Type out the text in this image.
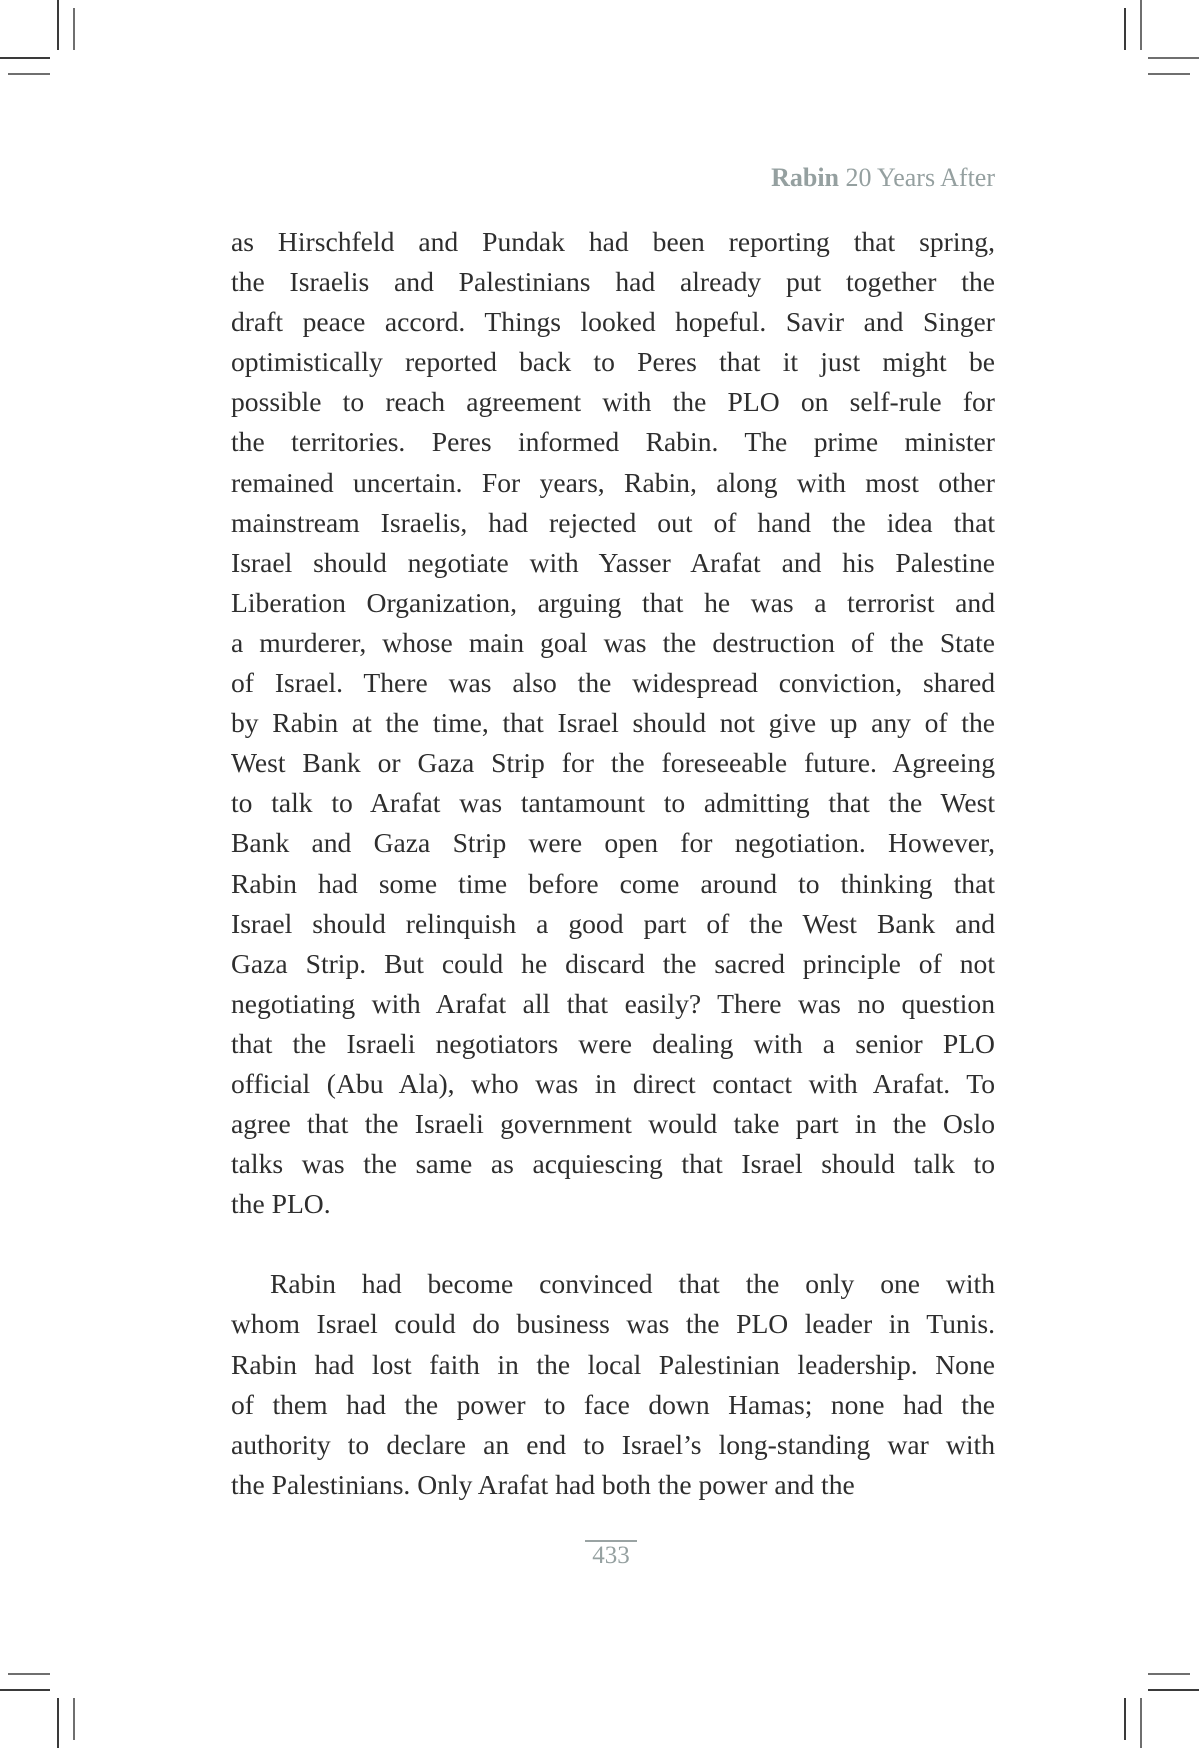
Rabin 20 Years After
as Hirschfeld and Pundak had been reporting that spring,
the Israelis and Palestinians had already put together the
draft peace accord. Things looked hopeful. Savir and Singer
optimistically reported back to Peres that it just might be
possible to reach agreement with the PLO on self-rule for
the territories. Peres informed Rabin. The prime minister
remained uncertain. For years, Rabin, along with most other
mainstream Israelis, had rejected out of hand the idea that
Israel should negotiate with Yasser Arafat and his Palestine
Liberation Organization, arguing that he was a terrorist and
a murderer, whose main goal was the destruction of the State
of Israel. There was also the widespread conviction, shared
by Rabin at the time, that Israel should not give up any of the
West Bank or Gaza Strip for the foreseeable future. Agreeing
to talk to Arafat was tantamount to admitting that the West
Bank and Gaza Strip were open for negotiation. However,
Rabin had some time before come around to thinking that
Israel should relinquish a good part of the West Bank and
Gaza Strip. But could he discard the sacred principle of not
negotiating with Arafat all that easily? There was no question
that the Israeli negotiators were dealing with a senior PLO
official (Abu Ala), who was in direct contact with Arafat. To
agree that the Israeli government would take part in the Oslo
talks was the same as acquiescing that Israel should talk to
the PLO.
Rabin had become convinced that the only one with
whom Israel could do business was the PLO leader in Tunis.
Rabin had lost faith in the local Palestinian leadership. None
of them had the power to face down Hamas; none had the
authority to declare an end to Israel’s long-standing war with
the Palestinians. Only Arafat had both the power and the
433
